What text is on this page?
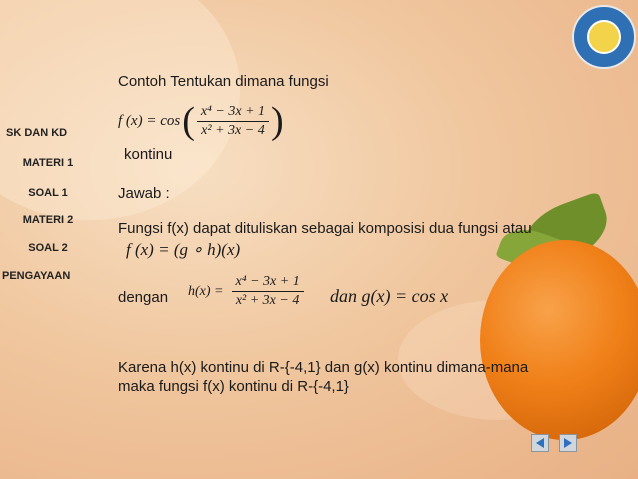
SK DAN KD
MATERI 1
SOAL 1
MATERI 2
SOAL 2
PENGAYAAN
Contoh Tentukan dimana fungsi
f (x) = cos ( $\frac{\text{x⁴ − 3x + 1}}{\text{x² + 3x − 4}}$ )
kontinu
Jawab :
Fungsi f(x) dapat dituliskan sebagai komposisi dua fungsi atau
f (x) = (g ∘ h)(x)
dengan $h(x) = \frac{\text{x⁴ − 3x + 1}}{\text{x² + 3x − 4}}$ dan g(x) = cos x
Karena h(x) kontinu di R-{-4,1} dan g(x) kontinu dimana-mana
maka fungsi f(x) kontinu di R-{-4,1}
